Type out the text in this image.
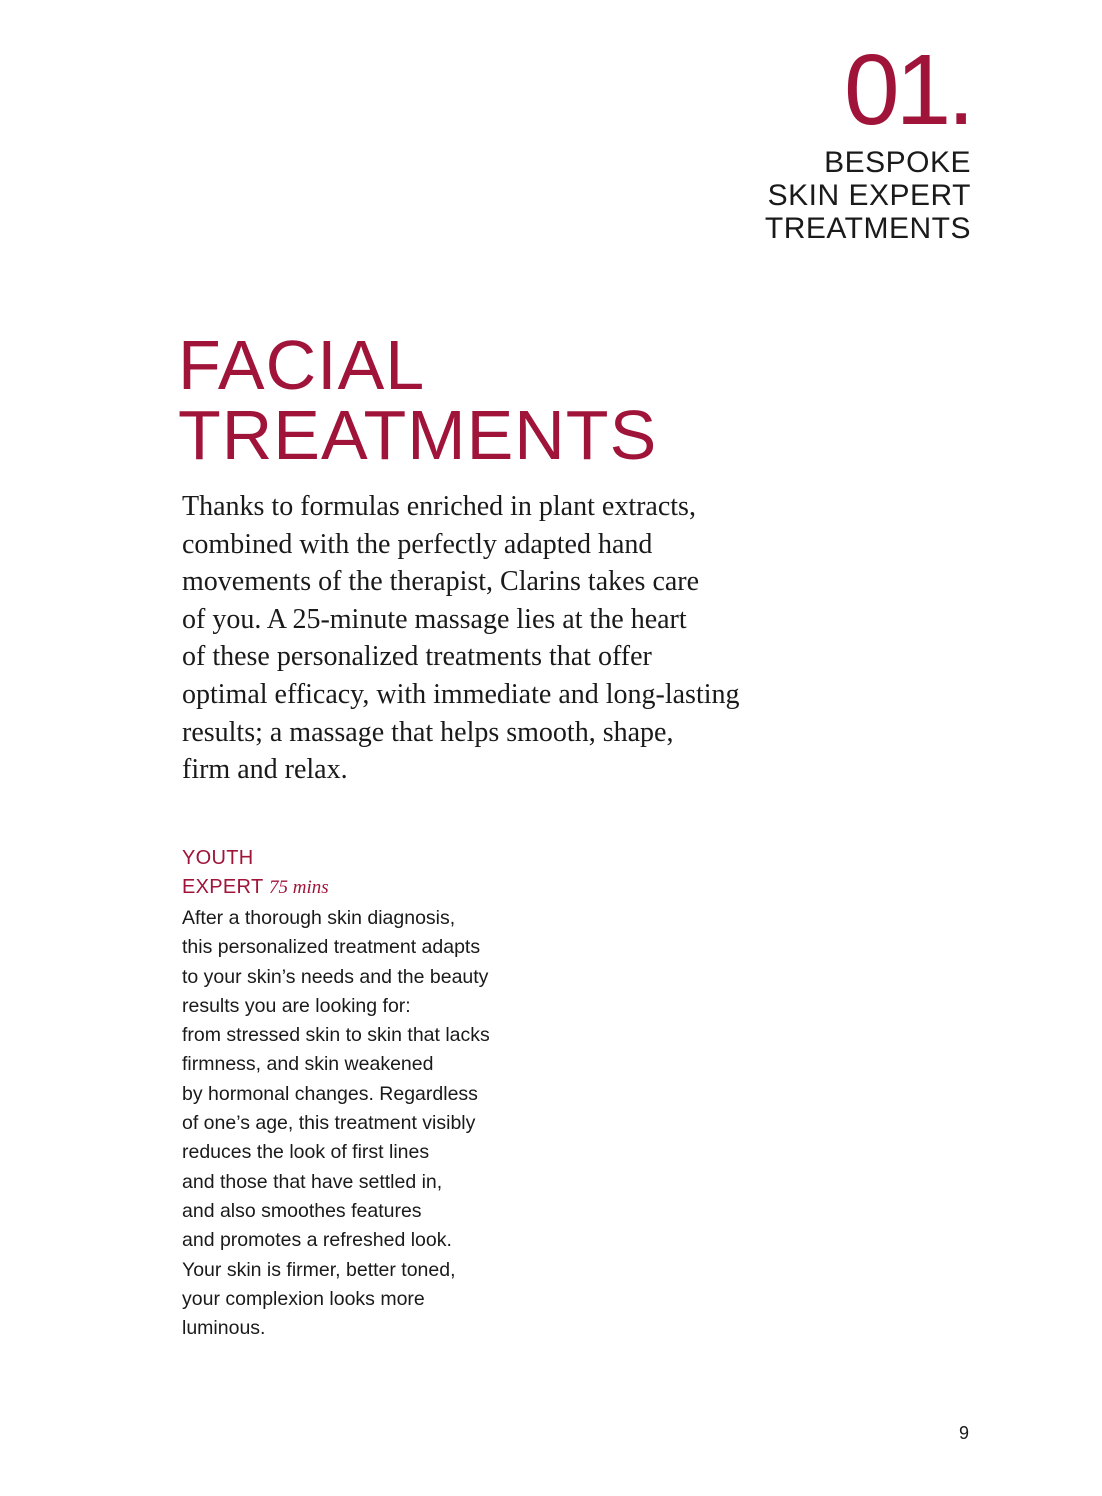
01.
BESPOKE
SKIN EXPERT
TREATMENTS
FACIAL
TREATMENTS
Thanks to formulas enriched in plant extracts,
combined with the perfectly adapted hand
movements of the therapist, Clarins takes care
of you. A 25-minute massage lies at the heart
of these personalized treatments that offer
optimal efficacy, with immediate and long-lasting
results; a massage that helps smooth, shape,
firm and relax.
YOUTH
EXPERT 75 mins
After a thorough skin diagnosis,
this personalized treatment adapts
to your skin’s needs and the beauty
results you are looking for:
from stressed skin to skin that lacks
firmness, and skin weakened
by hormonal changes. Regardless
of one’s age, this treatment visibly
reduces the look of first lines
and those that have settled in,
and also smoothes features
and promotes a refreshed look.
Your skin is firmer, better toned,
your complexion looks more
luminous.
9
